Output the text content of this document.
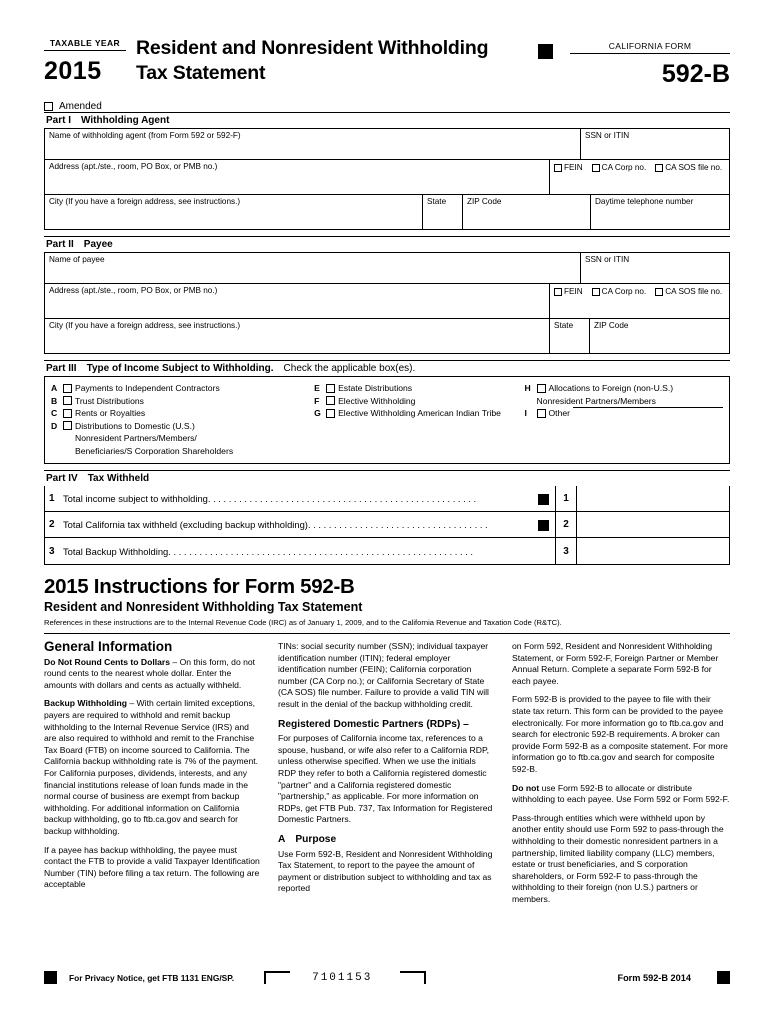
TAXABLE YEAR
2015
Resident and Nonresident Withholding
Tax Statement
CALIFORNIA FORM
592-B
Amended
Part I Withholding Agent
Name of withholding agent (from Form 592 or 592-F)	SSN or ITIN
Address (apt./ste., room, PO Box, or PMB no.)	FEIN CA Corp no. CA SOS file no.
City (If you have a foreign address, see instructions.)	State	ZIP Code	Daytime telephone number
Part II Payee
Name of payee	SSN or ITIN
Address (apt./ste., room, PO Box, or PMB no.)	FEIN CA Corp no. CA SOS file no.
City (If you have a foreign address, see instructions.)	State	ZIP Code
Part III Type of Income Subject to Withholding. Check the applicable box(es).
A	Payments to Independent Contractors
B	Trust Distributions
C	Rents or Royalties
D	Distributions to Domestic (U.S.)
Nonresident Partners/Members/
Beneficiaries/S Corporation Shareholders
E	Estate Distributions
F	Elective Withholding
G Elective Withholding American Indian Tribe
H	Allocations to Foreign (non-U.S.)
Nonresident Partners/Members
I	Other
Part IV Tax Withheld
1 Total income subject to withholding. . . . . . . . . . . . . . . . . . . . . . . . . . . . . . . . . . . . . . . . . . . . . . . . . . . .	1
2 Total California tax withheld (excluding backup withholding). . . . . . . . . . . . . . . . . . . . . . . . . . . . . . . . . . .	2
3 Total Backup Withholding. . . . . . . . . . . . . . . . . . . . . . . . . . . . . . . . . . . . . . . . . . . . . . . . . . . . . . . . . . .	3
2015 Instructions for Form 592-B
Resident and Nonresident Withholding Tax Statement
References in these instructions are to the Internal Revenue Code (IRC) as of January 1, 2009, and to the California Revenue and Taxation Code (R&TC).
General Information

Do Not Round Cents to Dollars – On this form, do not round cents to the nearest whole dollar. Enter the amounts with dollars and cents as actually withheld.

Backup Withholding – With certain limited exceptions, payers are required to withhold and remit backup withholding to the Internal Revenue Service (IRS) and are also required to withhold and remit to the Franchise Tax Board (FTB) on income sourced to California. The California backup withholding rate is 7% of the payment. For California purposes, dividends, interests, and any financial institutions release of loan funds made in the normal course of business are exempt from backup withholding. For additional information on California backup withholding, go to ftb.ca.gov and search for backup withholding.

If a payee has backup withholding, the payee must contact the FTB to provide a valid Taxpayer Identification Number (TIN) before filing a tax return. The following are acceptable

TINs: social security number (SSN); individual taxpayer identification number (ITIN); federal employer identification number (FEIN); California corporation number (CA Corp no.); or California Secretary of State (CA SOS) file number. Failure to provide a valid TIN will result in the denial of the backup withholding credit.

Registered Domestic Partners (RDPs) –

For purposes of California income tax, references to a spouse, husband, or wife also refer to a California RDP, unless otherwise specified. When we use the initials RDP they refer to both a California registered domestic "partner" and a California registered domestic "partnership," as applicable. For more information on RDPs, get FTB Pub. 737, Tax Information for Registered Domestic Partners.

A Purpose

Use Form 592-B, Resident and Nonresident Withholding Tax Statement, to report to the payee the amount of payment or distribution subject to withholding and tax as reported

on Form 592, Resident and Nonresident Withholding Statement, or Form 592-F, Foreign Partner or Member Annual Return. Complete a separate Form 592-B for each payee.

Form 592-B is provided to the payee to file with their state tax return. This form can be provided to the payee electronically. For more information go to ftb.ca.gov and search for electronic 592-B requirements. A broker can provide Form 592-B as a composite statement. For more information go to ftb.ca.gov and search for composite 592-B.

Do not use Form 592-B to allocate or distribute withholding to each payee. Use Form 592 or Form 592-F.

Pass-through entities which were withheld upon by another entity should use Form 592 to pass-through the withholding to their domestic nonresident partners in a partnership, limited liability company (LLC) members, estate or trust beneficiaries, and S corporation shareholders, or Form 592-F to pass-through the withholding to their foreign (non U.S.) partners or members.

For Privacy Notice, get FTB 1131 ENG/SP.	7101153	Form 592-B 2014
